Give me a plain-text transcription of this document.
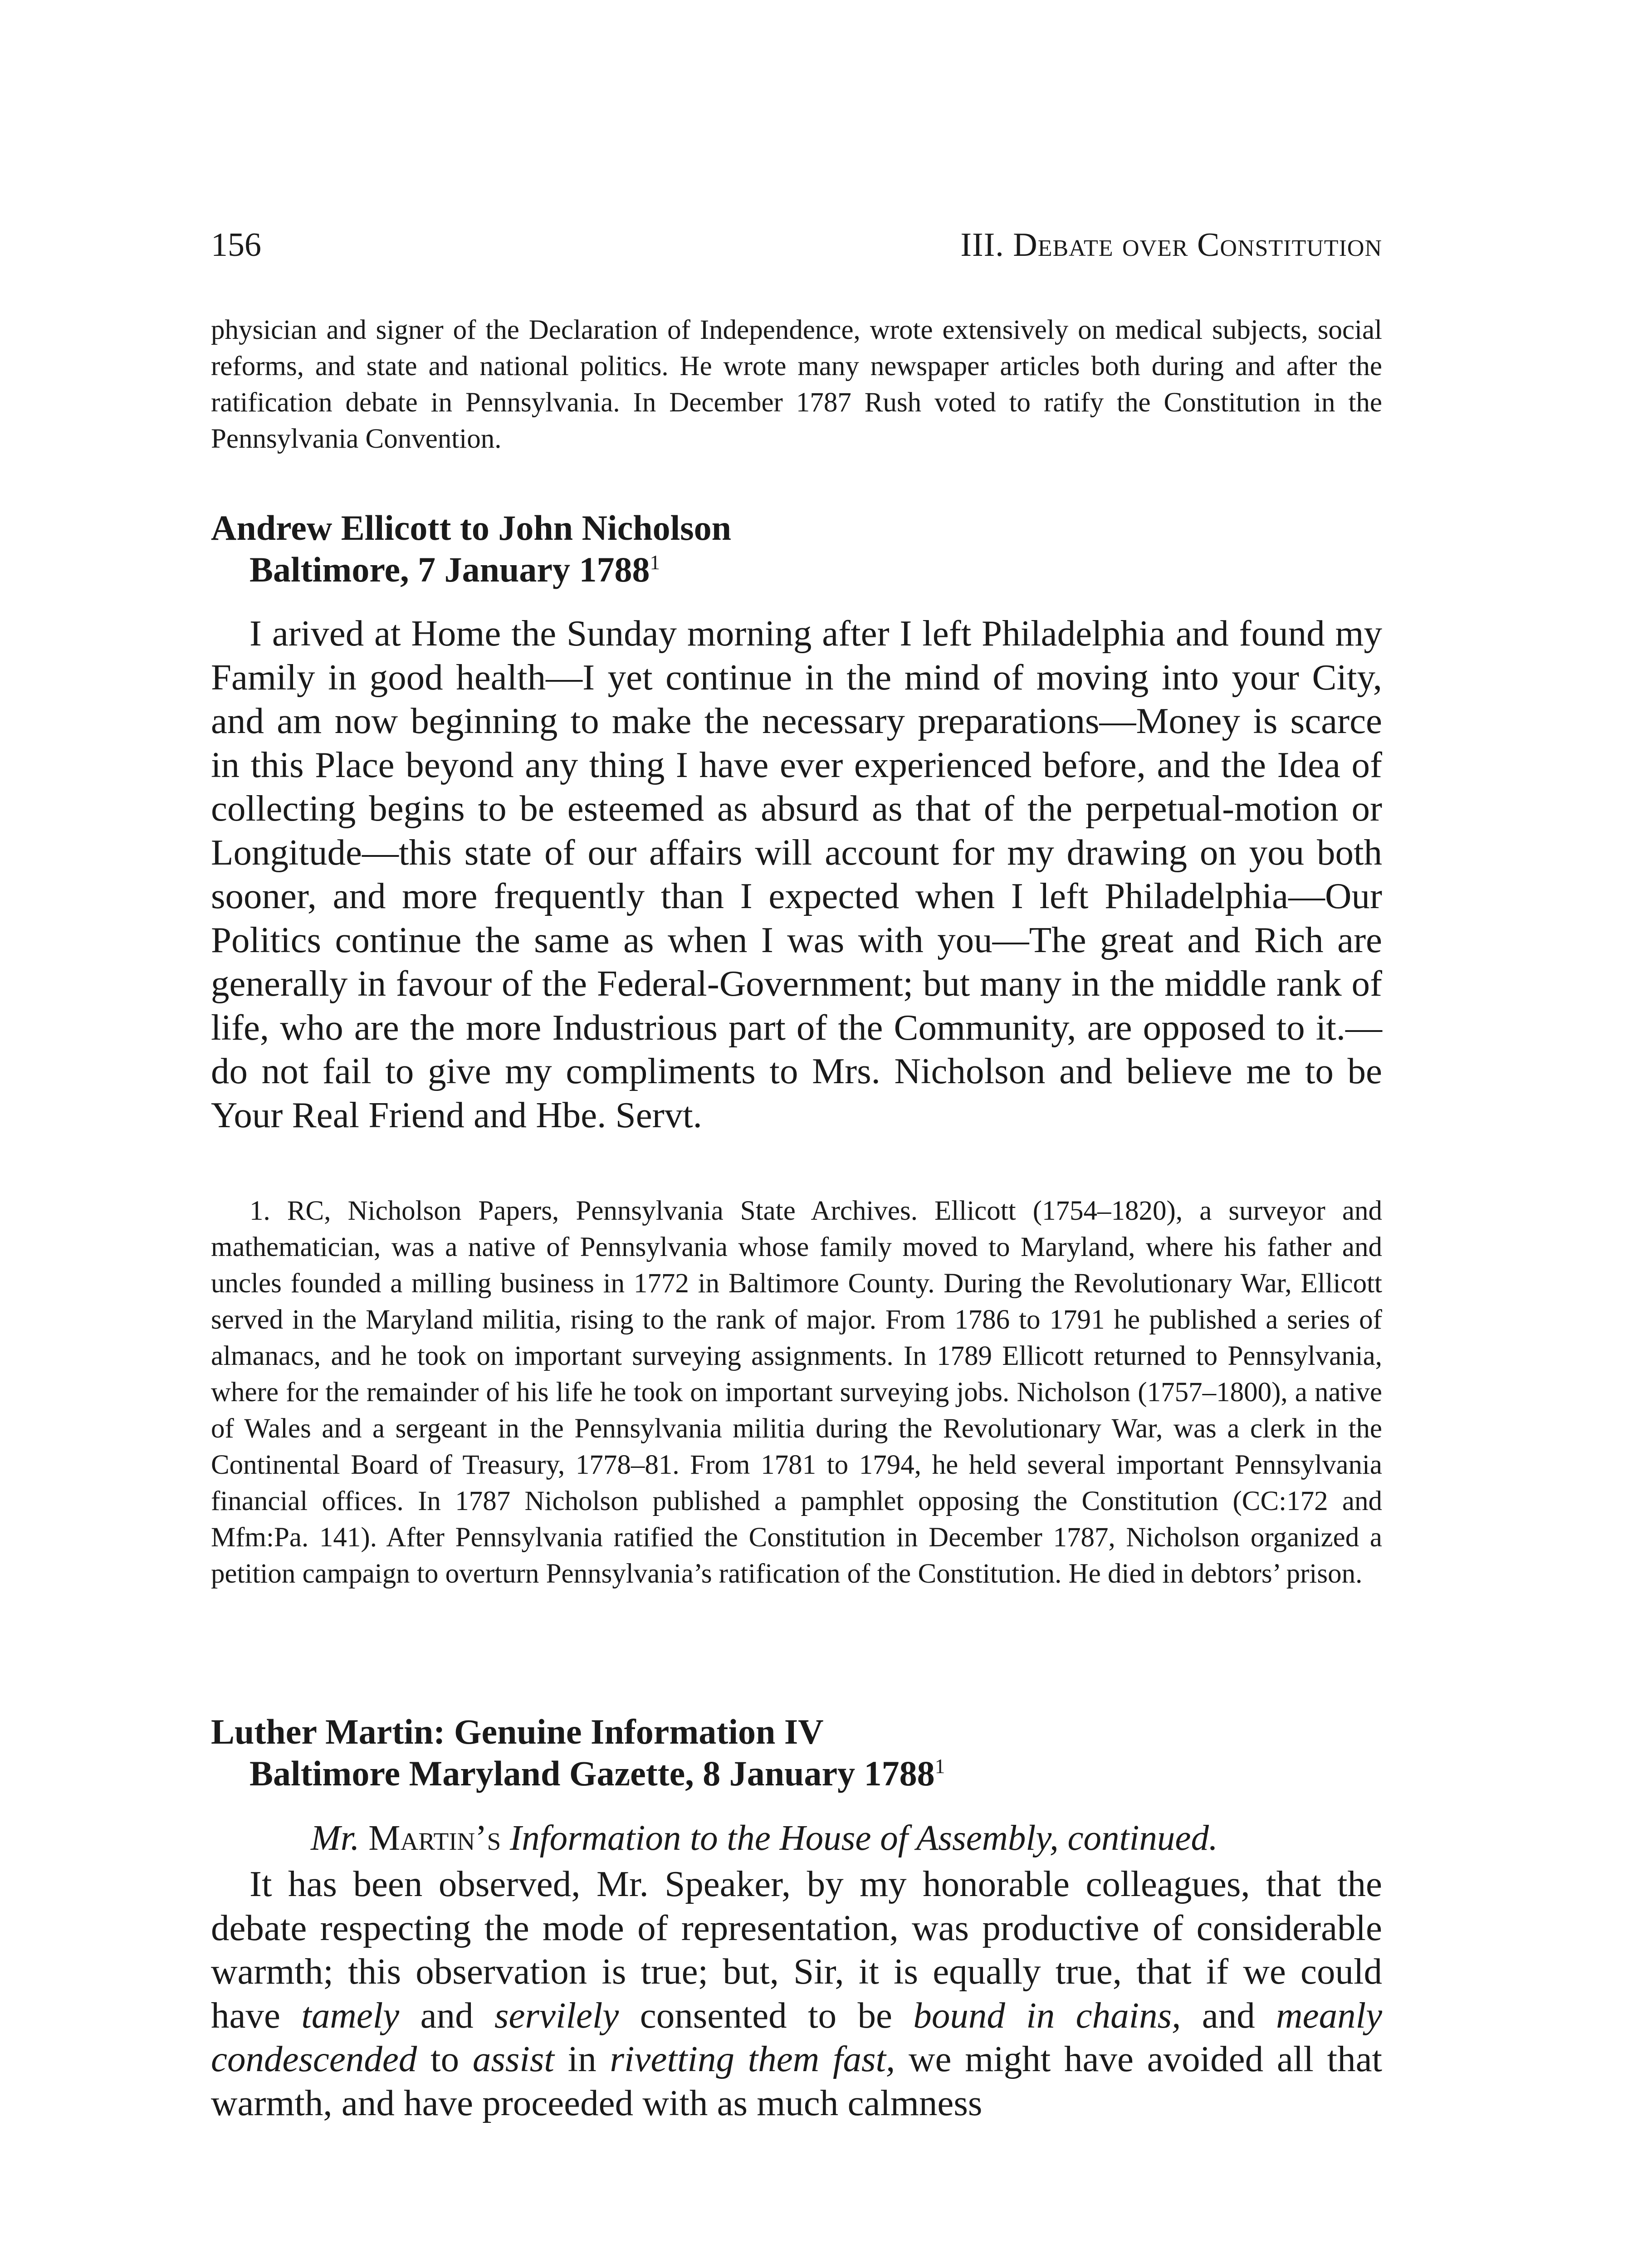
156	III. Debate over Constitution

physician and signer of the Declaration of Independence, wrote extensively on medical subjects, social reforms, and state and national politics. He wrote many newspaper articles both during and after the ratification debate in Pennsylvania. In December 1787 Rush voted to ratify the Constitution in the Pennsylvania Convention.

Andrew Ellicott to John Nicholson
Baltimore, 7 January 1788$^1$

I arived at Home the Sunday morning after I left Philadelphia and found my Family in good health—I yet continue in the mind of moving into your City, and am now beginning to make the necessary preparations—Money is scarce in this Place beyond any thing I have ever experienced before, and the Idea of collecting begins to be esteemed as absurd as that of the perpetual-motion or Longitude—this state of our affairs will account for my drawing on you both sooner, and more frequently than I expected when I left Philadelphia—Our Politics continue the same as when I was with you—The great and Rich are generally in favour of the Federal-Government; but many in the middle rank of life, who are the more Industrious part of the Community, are opposed to it.—do not fail to give my compliments to Mrs. Nicholson and believe me to be Your Real Friend and Hbe. Servt.

1. RC, Nicholson Papers, Pennsylvania State Archives. Ellicott (1754–1820), a surveyor and mathematician, was a native of Pennsylvania whose family moved to Maryland, where his father and uncles founded a milling business in 1772 in Baltimore County. During the Revolutionary War, Ellicott served in the Maryland militia, rising to the rank of major. From 1786 to 1791 he published a series of almanacs, and he took on important surveying assignments. In 1789 Ellicott returned to Pennsylvania, where for the remainder of his life he took on important surveying jobs. Nicholson (1757–1800), a native of Wales and a sergeant in the Pennsylvania militia during the Revolutionary War, was a clerk in the Continental Board of Treasury, 1778–81. From 1781 to 1794, he held several important Pennsylvania financial offices. In 1787 Nicholson published a pamphlet opposing the Constitution (CC:172 and Mfm:Pa. 141). After Pennsylvania ratified the Constitution in December 1787, Nicholson organized a petition campaign to overturn Pennsylvania’s ratification of the Constitution. He died in debtors’ prison.

Luther Martin: Genuine Information IV
Baltimore Maryland Gazette, 8 January 1788$^1$
Mr. Martin’s Information to the House of Assembly, continued.

It has been observed, Mr. Speaker, by my honorable colleagues, that the debate respecting the mode of representation, was productive of considerable warmth; this observation is true; but, Sir, it is equally true, that if we could have tamely and servilely consented to be bound in chains, and meanly condescended to assist in rivetting them fast, we might have avoided all that warmth, and have proceeded with as much calmness
